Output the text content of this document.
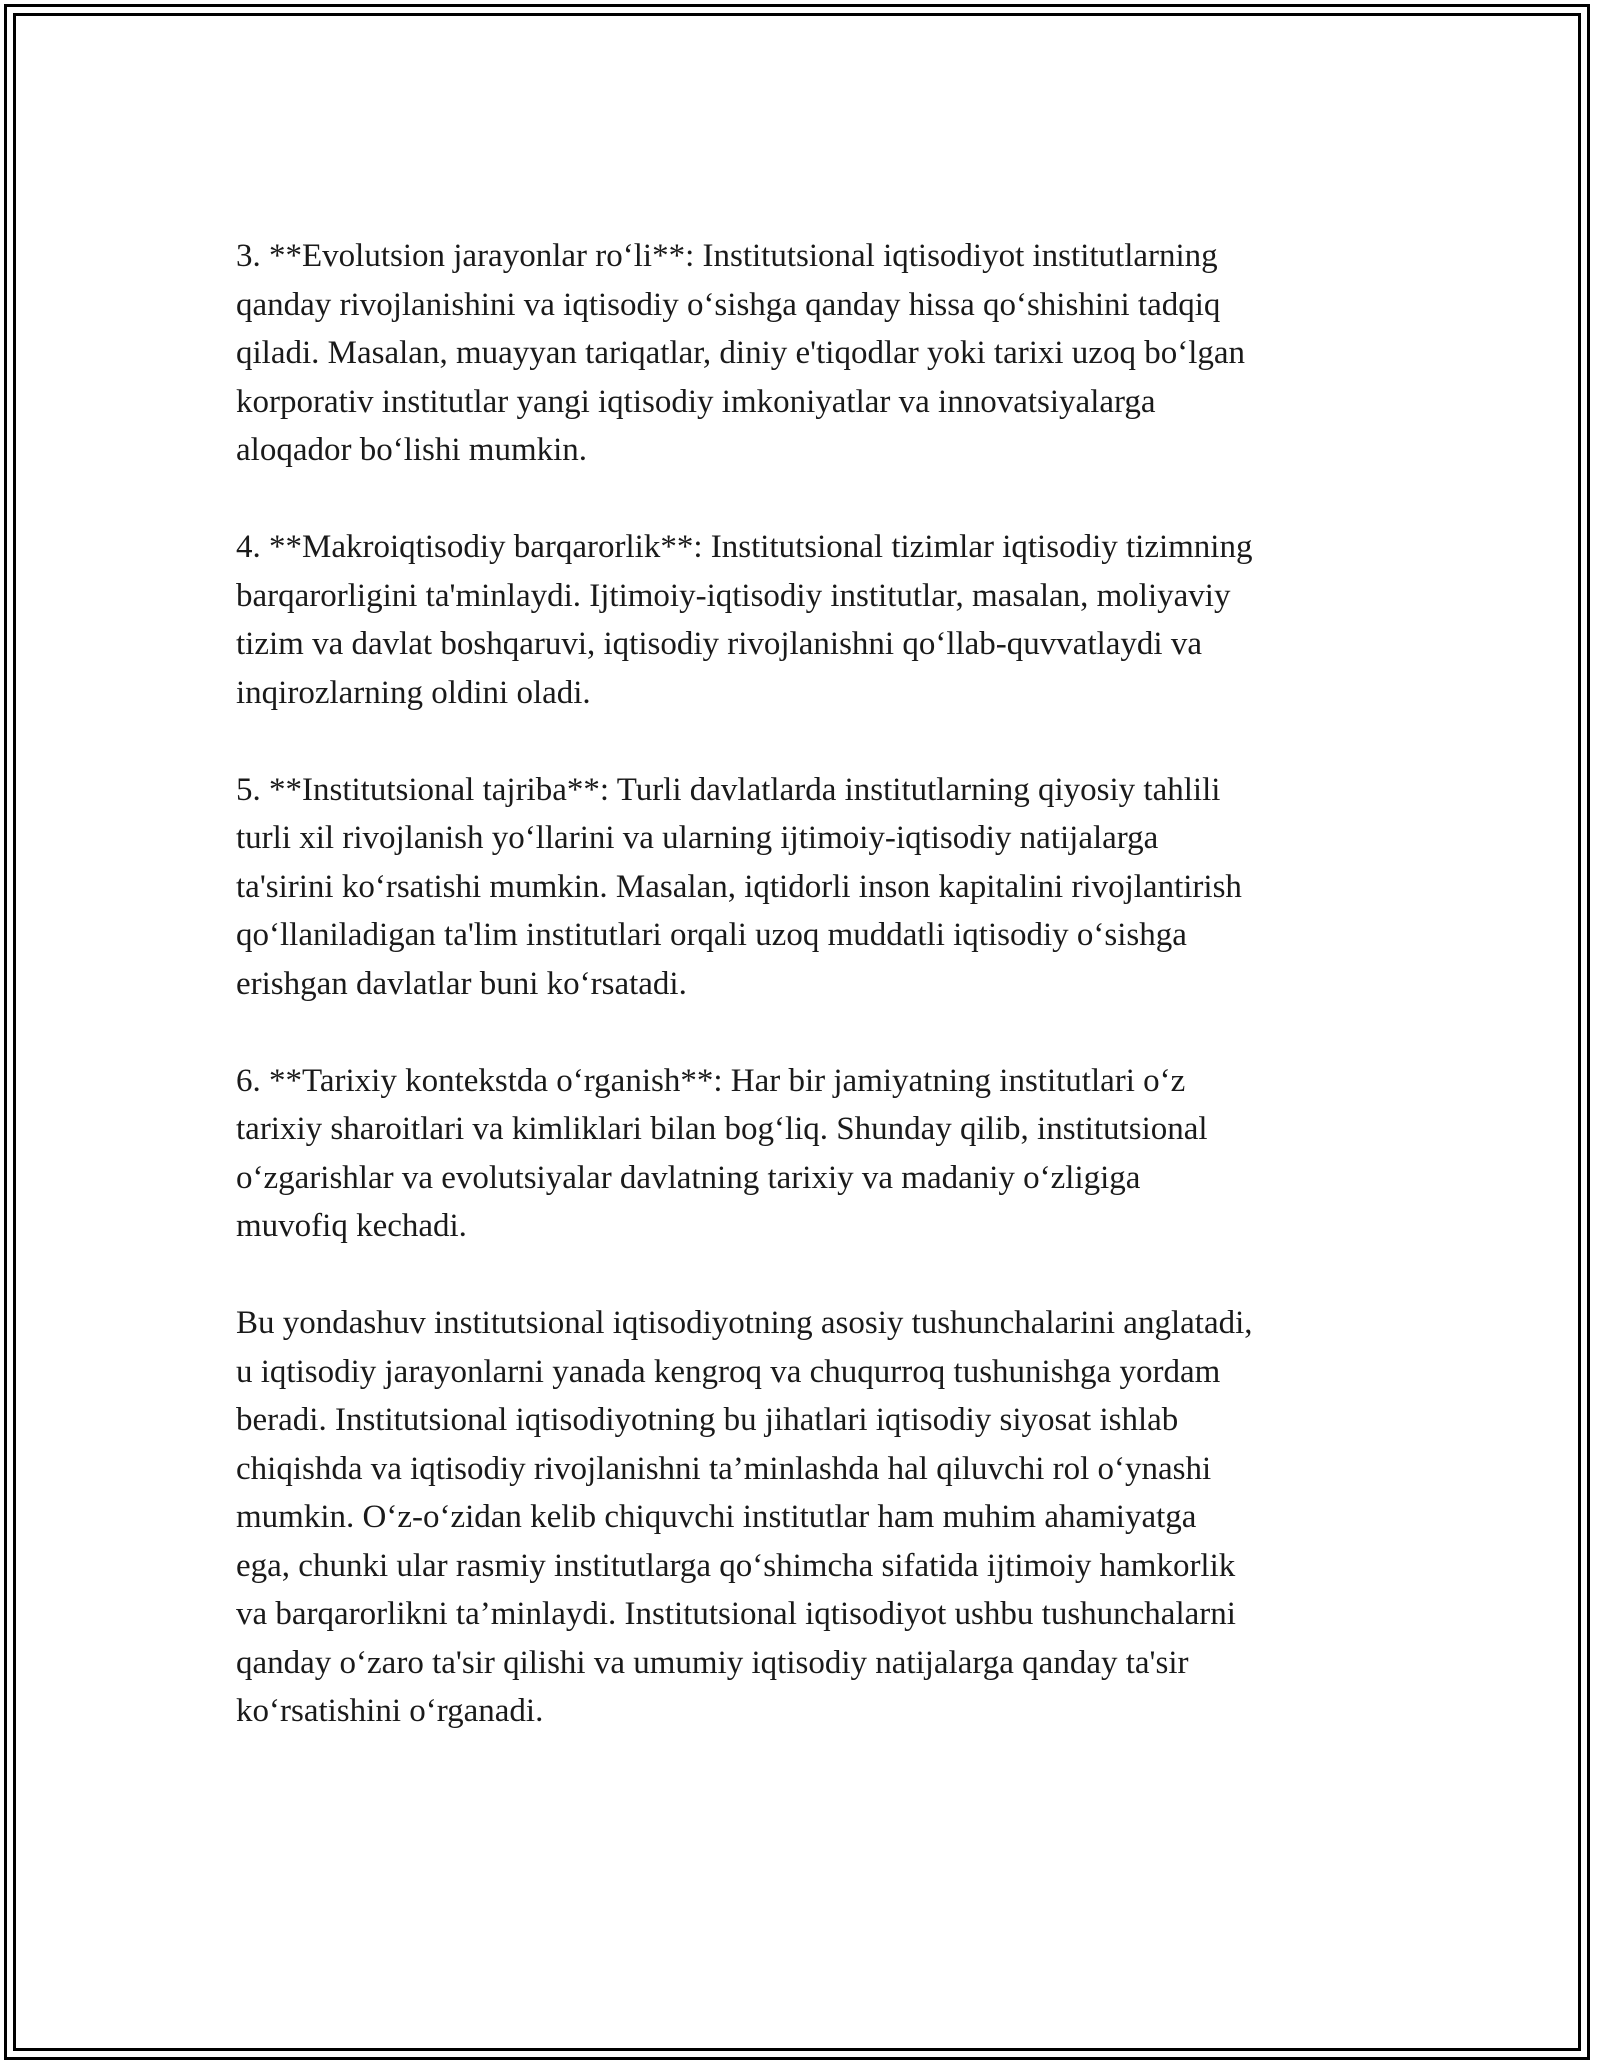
3. **Evolutsion jarayonlar ro‘li**: Institutsional iqtisodiyot institutlarning
qanday rivojlanishini va iqtisodiy o‘sishga qanday hissa qo‘shishini tadqiq
qiladi. Masalan, muayyan tariqatlar, diniy e'tiqodlar yoki tarixi uzoq bo‘lgan
korporativ institutlar yangi iqtisodiy imkoniyatlar va innovatsiyalarga
aloqador bo‘lishi mumkin.

4. **Makroiqtisodiy barqarorlik**: Institutsional tizimlar iqtisodiy tizimning
barqarorligini ta'minlaydi. Ijtimoiy-iqtisodiy institutlar, masalan, moliyaviy
tizim va davlat boshqaruvi, iqtisodiy rivojlanishni qo‘llab-quvvatlaydi va
inqirozlarning oldini oladi.

5. **Institutsional tajriba**: Turli davlatlarda institutlarning qiyosiy tahlili
turli xil rivojlanish yo‘llarini va ularning ijtimoiy-iqtisodiy natijalarga
ta'sirini ko‘rsatishi mumkin. Masalan, iqtidorli inson kapitalini rivojlantirish
qo‘llaniladigan ta'lim institutlari orqali uzoq muddatli iqtisodiy o‘sishga
erishgan davlatlar buni ko‘rsatadi.

6. **Tarixiy kontekstda o‘rganish**: Har bir jamiyatning institutlari o‘z
tarixiy sharoitlari va kimliklari bilan bog‘liq. Shunday qilib, institutsional
o‘zgarishlar va evolutsiyalar davlatning tarixiy va madaniy o‘zligiga
muvofiq kechadi.

Bu yondashuv institutsional iqtisodiyotning asosiy tushunchalarini anglatadi,
u iqtisodiy jarayonlarni yanada kengroq va chuqurroq tushunishga yordam
beradi. Institutsional iqtisodiyotning bu jihatlari iqtisodiy siyosat ishlab
chiqishda va iqtisodiy rivojlanishni ta’minlashda hal qiluvchi rol o‘ynashi
mumkin. O‘z-o‘zidan kelib chiquvchi institutlar ham muhim ahamiyatga
ega, chunki ular rasmiy institutlarga qo‘shimcha sifatida ijtimoiy hamkorlik
va barqarorlikni ta’minlaydi. Institutsional iqtisodiyot ushbu tushunchalarni
qanday o‘zaro ta'sir qilishi va umumiy iqtisodiy natijalarga qanday ta'sir
ko‘rsatishini o‘rganadi.
